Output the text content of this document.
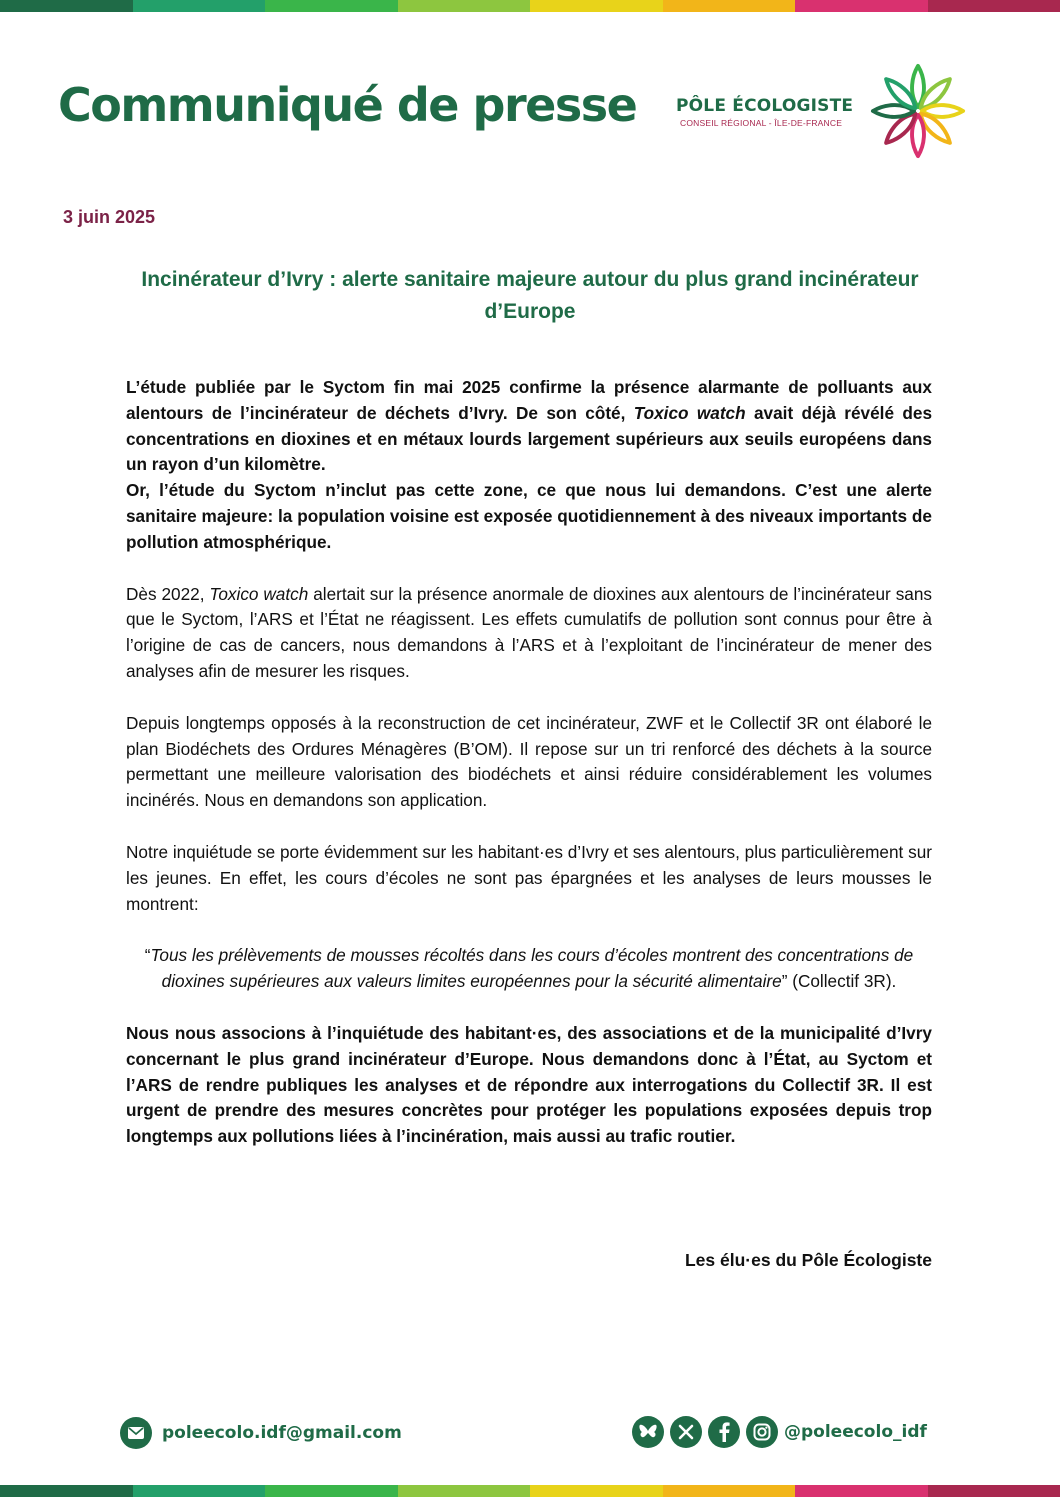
Communiqué de presse PÔLE ÉCOLOGISTE
CONSEIL RÉGIONAL - ÎLE-DE-FRANCE
3 juin 2025
Incinérateur d’Ivry : alerte sanitaire majeure autour du plus grand incinérateur d’Europe

L’étude publiée par le Syctom fin mai 2025 confirme la présence alarmante de polluants aux alentours de l’incinérateur de déchets d’Ivry. De son côté, Toxico watch avait déjà révélé des concentrations en dioxines et en métaux lourds largement supérieurs aux seuils européens dans un rayon d’un kilomètre.

Or, l’étude du Syctom n’inclut pas cette zone, ce que nous lui demandons. C’est une alerte sanitaire majeure: la population voisine est exposée quotidiennement à des niveaux importants de pollution atmosphérique.

Dès 2022, Toxico watch alertait sur la présence anormale de dioxines aux alentours de l’incinérateur sans que le Syctom, l’ARS et l’État ne réagissent. Les effets cumulatifs de pollution sont connus pour être à l’origine de cas de cancers, nous demandons à l’ARS et à l’exploitant de l’incinérateur de mener des analyses afin de mesurer les risques.

Depuis longtemps opposés à la reconstruction de cet incinérateur, ZWF et le Collectif 3R ont élaboré le plan Biodéchets des Ordures Ménagères (B’OM). Il repose sur un tri renforcé des déchets à la source permettant une meilleure valorisation des biodéchets et ainsi réduire considérablement les volumes incinérés. Nous en demandons son application.

Notre inquiétude se porte évidemment sur les habitant·es d’Ivry et ses alentours, plus particulièrement sur les jeunes. En effet, les cours d’écoles ne sont pas épargnées et les analyses de leurs mousses le montrent:

“Tous les prélèvements de mousses récoltés dans les cours d’écoles montrent des concentrations de dioxines supérieures aux valeurs limites européennes pour la sécurité alimentaire” (Collectif 3R).

Nous nous associons à l’inquiétude des habitant·es, des associations et de la municipalité d’Ivry concernant le plus grand incinérateur d’Europe. Nous demandons donc à l’État, au Syctom et l’ARS de rendre publiques les analyses et de répondre aux interrogations du Collectif 3R. Il est urgent de prendre des mesures concrètes pour protéger les populations exposées depuis trop longtemps aux pollutions liées à l’incinération, mais aussi au trafic routier.

Les élu·es du Pôle Écologiste
poleecolo.idf@gmail.com	@poleecolo_idf
